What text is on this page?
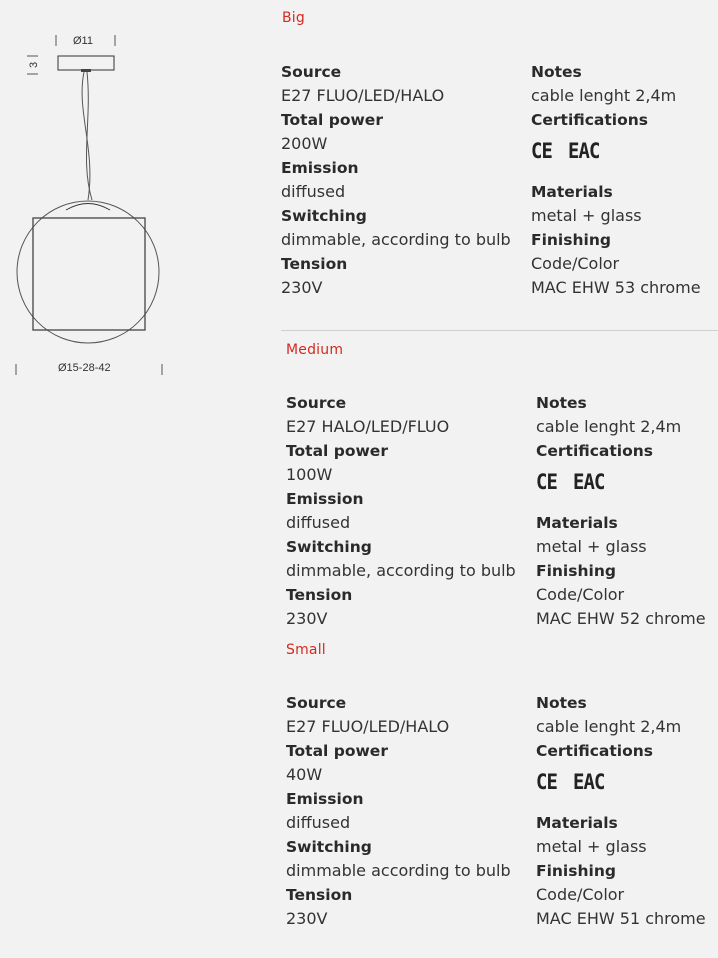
Ø11
3
Ø15-28-42
Big
Source
E27 FLUO/LED/HALO
Total power
200W
Emission
diffused
Switching
dimmable, according to bulb
Tension
230V
Notes
cable lenght 2,4m
Certifications
CE EAC
Materials
metal + glass
Finishing
Code/Color
MAC EHW 53 chrome
Medium
Source
E27 HALO/LED/FLUO
Total power
100W
Emission
diffused
Switching
dimmable, according to bulb
Tension
230V
Notes
cable lenght 2,4m
Certifications
CE EAC
Materials
metal + glass
Finishing
Code/Color
MAC EHW 52 chrome
Small
Source
E27 FLUO/LED/HALO
Total power
40W
Emission
diffused
Switching
dimmable according to bulb
Tension
230V
Notes
cable lenght 2,4m
Certifications
CE EAC
Materials
metal + glass
Finishing
Code/Color
MAC EHW 51 chrome
